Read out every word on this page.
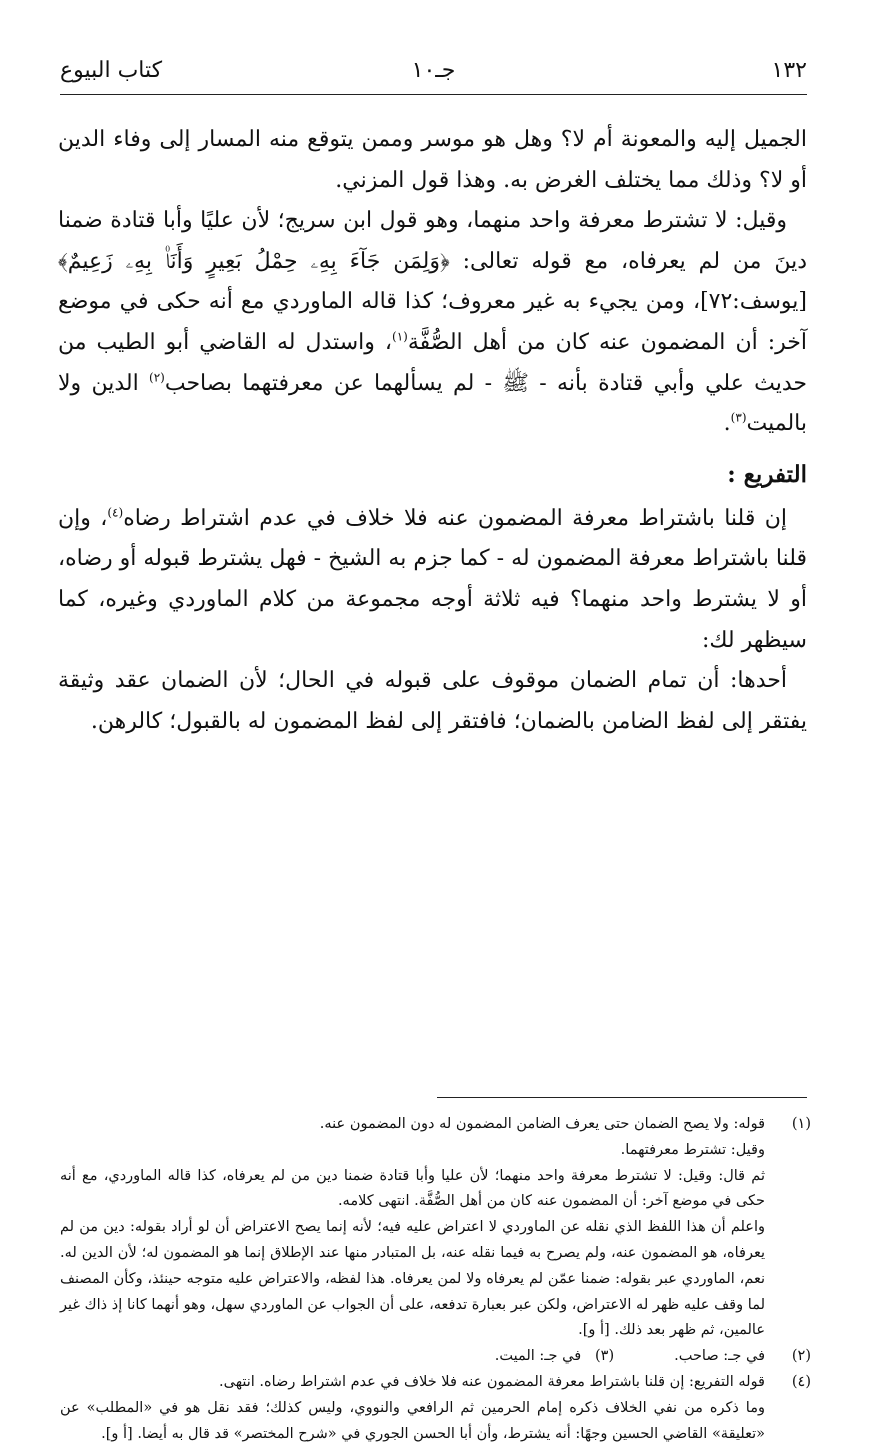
١٣٢
جـ١٠
كتاب البيوع

الجميل إليه والمعونة أم لا؟ وهل هو موسر وممن يتوقع منه المسار إلى وفاء الدين أو لا؟ وذلك مما يختلف الغرض به. وهذا قول المزني.

وقيل: لا تشترط معرفة واحد منهما، وهو قول ابن سريج؛ لأن عليًا وأبا قتادة ضمنا دينَ من لم يعرفاه، مع قوله تعالى: ﴿وَلِمَن جَآءَ بِهِۦ حِمْلُ بَعِيرٍ وَأَنَا۠ بِهِۦ زَعِيمٌ﴾ [يوسف:٧٢]، ومن يجيء به غير معروف؛ كذا قاله الماوردي مع أنه حكى في موضع آخر: أن المضمون عنه كان من أهل الصُّفَّة$^{(١)}$، واستدل له القاضي أبو الطيب من حديث علي وأبي قتادة بأنه - ﷺ - لم يسألهما عن معرفتهما بصاحب$^{(٢)}$ الدين ولا بالميت$^{(٣)}$.

التفريع :

إن قلنا باشتراط معرفة المضمون عنه فلا خلاف في عدم اشتراط رضاه$^{(٤)}$، وإن قلنا باشتراط معرفة المضمون له - كما جزم به الشيخ - فهل يشترط قبوله أو رضاه، أو لا يشترط واحد منهما؟ فيه ثلاثة أوجه مجموعة من كلام الماوردي وغيره، كما سيظهر لك:

أحدها: أن تمام الضمان موقوف على قبوله في الحال؛ لأن الضمان عقد وثيقة يفتقر إلى لفظ الضامن بالضمان؛ فافتقر إلى لفظ المضمون له بالقبول؛ كالرهن.

(١)
قوله: ولا يصح الضمان حتى يعرف الضامن المضمون له دون المضمون عنه.
وقيل: تشترط معرفتهما.
ثم قال: وقيل: لا تشترط معرفة واحد منهما؛ لأن عليا وأبا قتادة ضمنا دين من لم يعرفاه، كذا قاله الماوردي، مع أنه حكى في موضع آخر: أن المضمون عنه كان من أهل الصُّفَّة. انتهى كلامه.
واعلم أن هذا اللفظ الذي نقله عن الماوردي لا اعتراض عليه فيه؛ لأنه إنما يصح الاعتراض أن لو أراد بقوله: دين من لم يعرفاه، هو المضمون عنه، ولم يصرح به فيما نقله عنه، بل المتبادر منها عند الإطلاق إنما هو المضمون له؛ لأن الدين له. نعم، الماوردي عبر بقوله: ضمنا عمّن لم يعرفاه ولا لمن يعرفاه. هذا لفظه، والاعتراض عليه متوجه حينئذ، وكأن المصنف لما وقف عليه ظهر له الاعتراض، ولكن عبر بعبارة تدفعه، على أن الجواب عن الماوردي سهل، وهو أنهما كانا إذ ذاك غير عالمين، ثم ظهر بعد ذلك. [أ و].
(٢)
في جـ: صاحب.
(٣)   في جـ: الميت.
(٤)
قوله التفريع: إن قلنا باشتراط معرفة المضمون عنه فلا خلاف في عدم اشتراط رضاه. انتهى.
وما ذكره من نفي الخلاف ذكره إمام الحرمين ثم الرافعي والنووي، وليس كذلك؛ فقد نقل هو في «المطلب» عن «تعليقة» القاضي الحسين وجهًا: أنه يشترط، وأن أبا الحسن الجوري في «شرح المختصر» قد قال به أيضا. [أ و].
